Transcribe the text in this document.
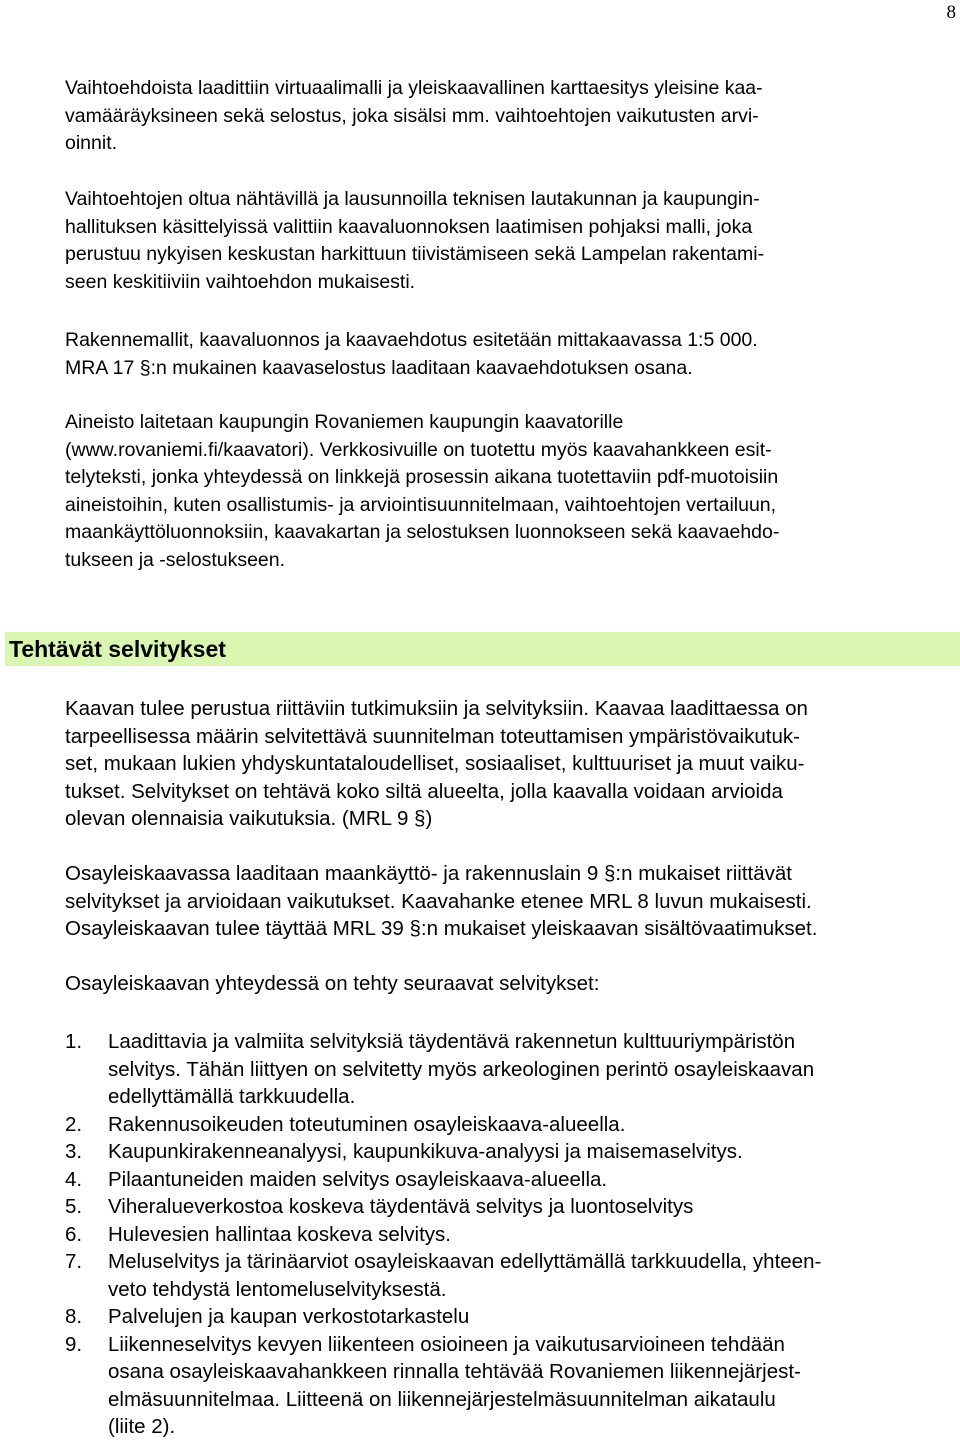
8

Vaihtoehdoista laadittiin virtuaalimalli ja yleiskaavallinen karttaesitys yleisine kaa-
vamääräyksineen sekä selostus, joka sisälsi mm. vaihtoehtojen vaikutusten arvi-
oinnit.

Vaihtoehtojen oltua nähtävillä ja lausunnoilla teknisen lautakunnan ja kaupungin-
hallituksen käsittelyissä valittiin kaavaluonnoksen laatimisen pohjaksi malli, joka
perustuu nykyisen keskustan harkittuun tiivistämiseen sekä Lampelan rakentami-
seen keskitiiviin vaihtoehdon mukaisesti.

Rakennemallit, kaavaluonnos ja kaavaehdotus esitetään mittakaavassa 1:5 000.
MRA 17 §:n mukainen kaavaselostus laaditaan kaavaehdotuksen osana.

Aineisto laitetaan kaupungin Rovaniemen kaupungin kaavatorille
(www.rovaniemi.fi/kaavatori). Verkkosivuille on tuotettu myös kaavahankkeen esit-
telyteksti, jonka yhteydessä on linkkejä prosessin aikana tuotettaviin pdf-muotoisiin
aineistoihin, kuten osallistumis- ja arviointisuunnitelmaan, vaihtoehtojen vertailuun,
maankäyttöluonnoksiin, kaavakartan ja selostuksen luonnokseen sekä kaavaehdo-
tukseen ja -selostukseen.

Tehtävät selvitykset

Kaavan tulee perustua riittäviin tutkimuksiin ja selvityksiin. Kaavaa laadittaessa on
tarpeellisessa määrin selvitettävä suunnitelman toteuttamisen ympäristövaikutuk-
set, mukaan lukien yhdyskuntataloudelliset, sosiaaliset, kulttuuriset ja muut vaiku-
tukset. Selvitykset on tehtävä koko siltä alueelta, jolla kaavalla voidaan arvioida
olevan olennaisia vaikutuksia. (MRL 9 §)

Osayleiskaavassa laaditaan maankäyttö- ja rakennuslain 9 §:n mukaiset riittävät
selvitykset ja arvioidaan vaikutukset. Kaavahanke etenee MRL 8 luvun mukaisesti.
Osayleiskaavan tulee täyttää MRL 39 §:n mukaiset yleiskaavan sisältövaatimukset.

Osayleiskaavan yhteydessä on tehty seuraavat selvitykset:

1.	Laadittavia ja valmiita selvityksiä täydentävä rakennetun kulttuuriympäristön
selvitys. Tähän liittyen on selvitetty myös arkeologinen perintö osayleiskaavan
edellyttämällä tarkkuudella.
2.	Rakennusoikeuden toteutuminen osayleiskaava-alueella.
3.	Kaupunkirakenneanalyysi, kaupunkikuva-analyysi ja maisemaselvitys.
4.	Pilaantuneiden maiden selvitys osayleiskaava-alueella.
5.	Viheralueverkostoa koskeva täydentävä selvitys ja luontoselvitys
6.	Hulevesien hallintaa koskeva selvitys.
7.	Meluselvitys ja tärinäarviot osayleiskaavan edellyttämällä tarkkuudella, yhteen-
veto tehdystä lentomeluselvityksestä.
8.	Palvelujen ja kaupan verkostotarkastelu
9.	Liikenneselvitys kevyen liikenteen osioineen ja vaikutusarvioineen tehdään
osana osayleiskaavahankkeen rinnalla tehtävää Rovaniemen liikennejärjest-
elmäsuunnitelmaa. Liitteenä on liikennejärjestelmäsuunnitelman aikataulu
(liite 2).
